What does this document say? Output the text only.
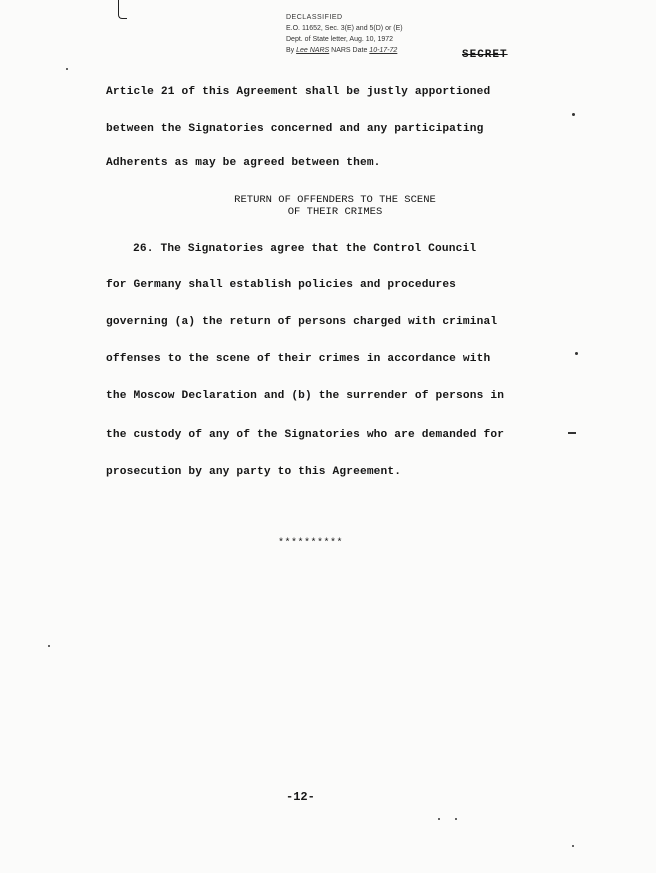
DECLASSIFIED
E.O. 11652, Sec. 3(E) and 5(D) or (E)
Dept. of State letter, Aug. 10, 1972
By Lee NARS NARS Date 10-17-72	SECRET
Article 21 of this Agreement shall be justly apportioned
between the Signatories concerned and any participating
Adherents as may be agreed between them.
RETURN OF OFFENDERS TO THE SCENE
OF THEIR CRIMES
26. The Signatories agree that the Control Council
for Germany shall establish policies and procedures
governing (a) the return of persons charged with criminal
offenses to the scene of their crimes in accordance with
the Moscow Declaration and (b) the surrender of persons in
the custody of any of the Signatories who are demanded for
prosecution by any party to this Agreement.
**********
-12-
